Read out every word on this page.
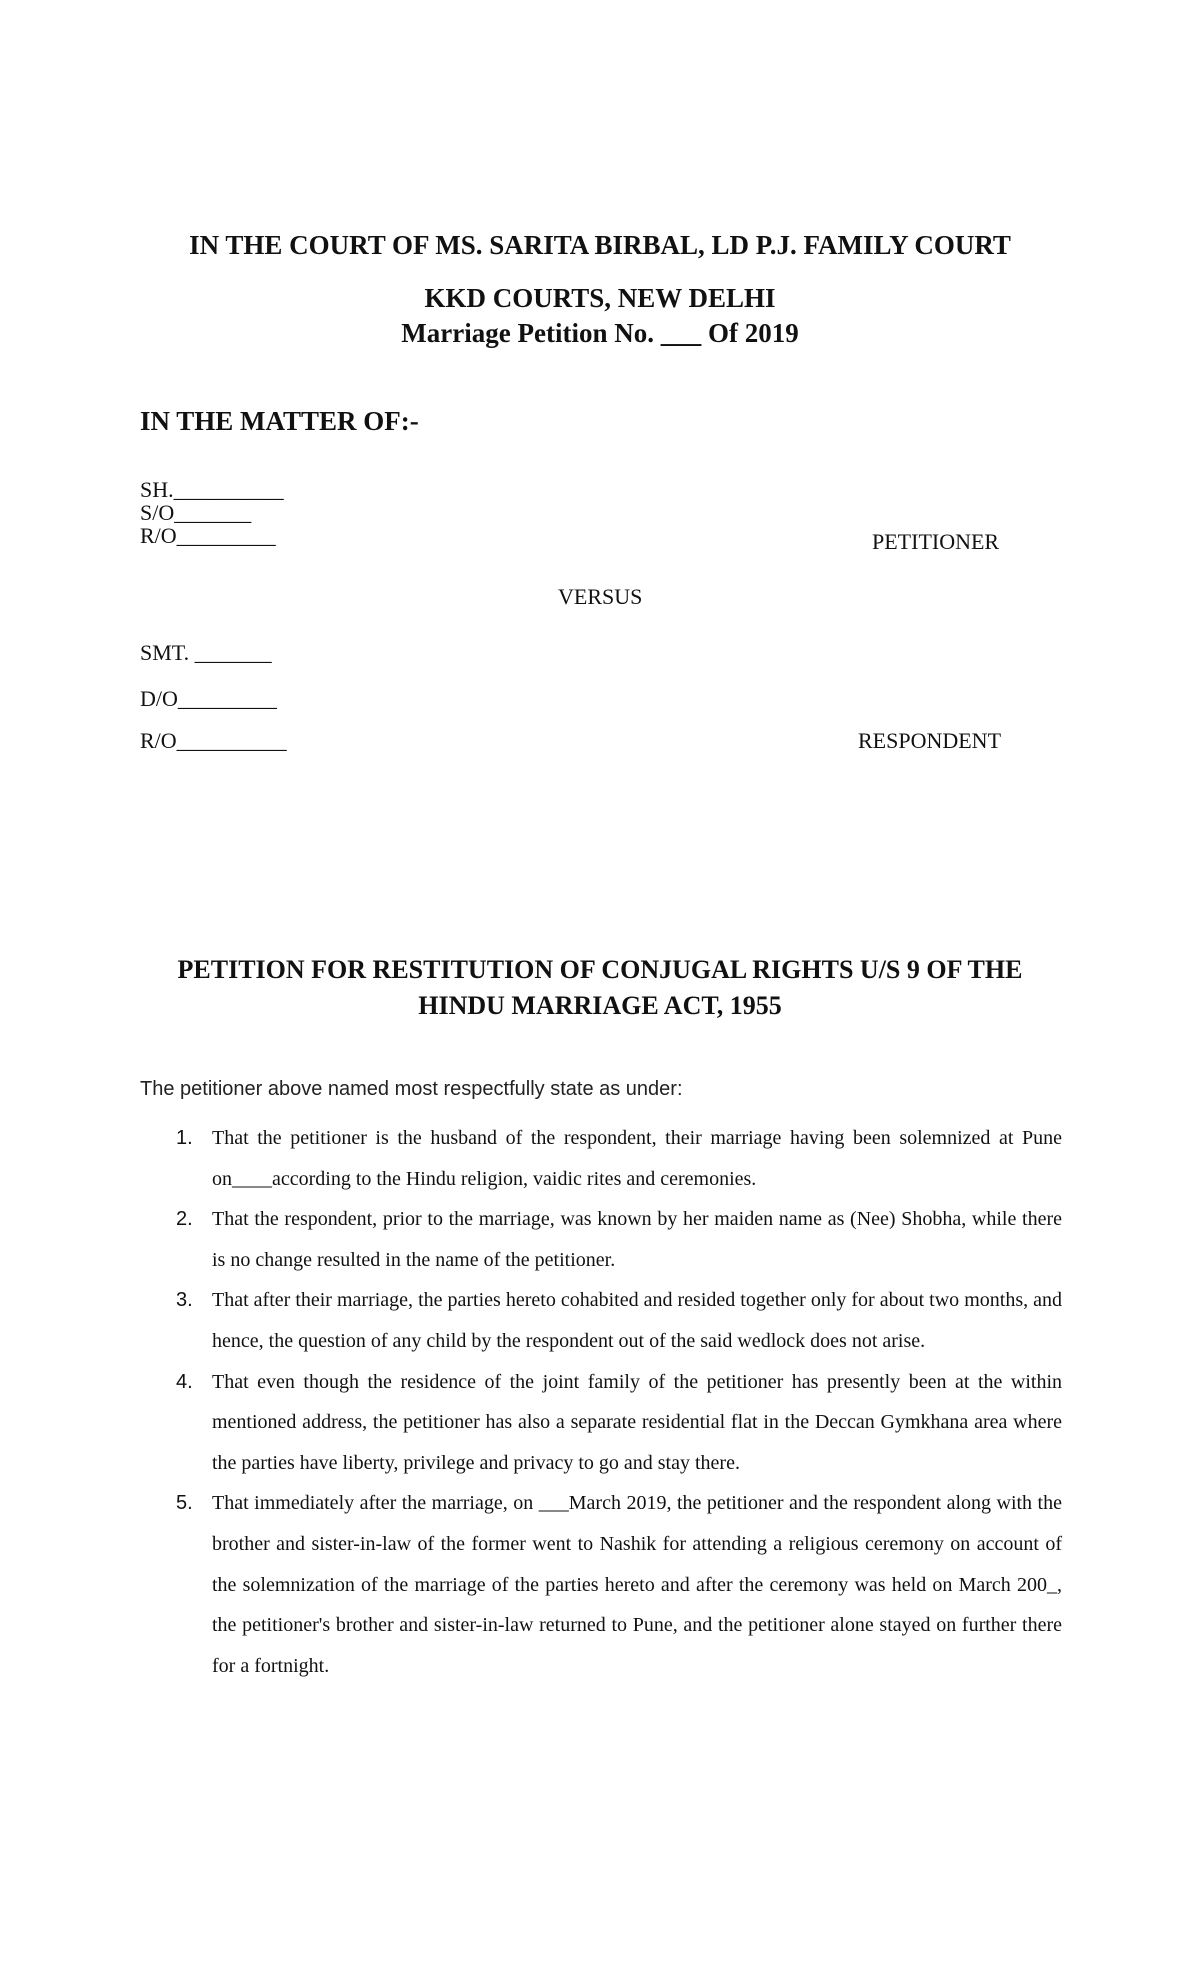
IN THE COURT OF MS. SARITA BIRBAL, LD P.J. FAMILY COURT
KKD COURTS, NEW DELHI
Marriage Petition No. ___ Of 2019
IN THE MATTER OF:-
SH.__________
S/O_______
R/O_________	PETITIONER
VERSUS
SMT. _______
D/O_________
R/O__________	RESPONDENT
PETITION FOR RESTITUTION OF CONJUGAL RIGHTS U/S 9 OF THE
HINDU MARRIAGE ACT, 1955
The petitioner above named most respectfully state as under:
1. That the petitioner is the husband of the respondent, their marriage having been solemnized at Pune on____according to the Hindu religion, vaidic rites and ceremonies.
2. That the respondent, prior to the marriage, was known by her maiden name as (Nee) Shobha, while there is no change resulted in the name of the petitioner.
3. That after their marriage, the parties hereto cohabited and resided together only for about two months, and hence, the question of any child by the respondent out of the said wedlock does not arise.
4. That even though the residence of the joint family of the petitioner has presently been at the within mentioned address, the petitioner has also a separate residential flat in the Deccan Gymkhana area where the parties have liberty, privilege and privacy to go and stay there.
5. That immediately after the marriage, on ___March 2019, the petitioner and the respondent along with the brother and sister-in-law of the former went to Nashik for attending a religious ceremony on account of the solemnization of the marriage of the parties hereto and after the ceremony was held on March 200_, the petitioner's brother and sister-in-law returned to Pune, and the petitioner alone stayed on further there for a fortnight.
